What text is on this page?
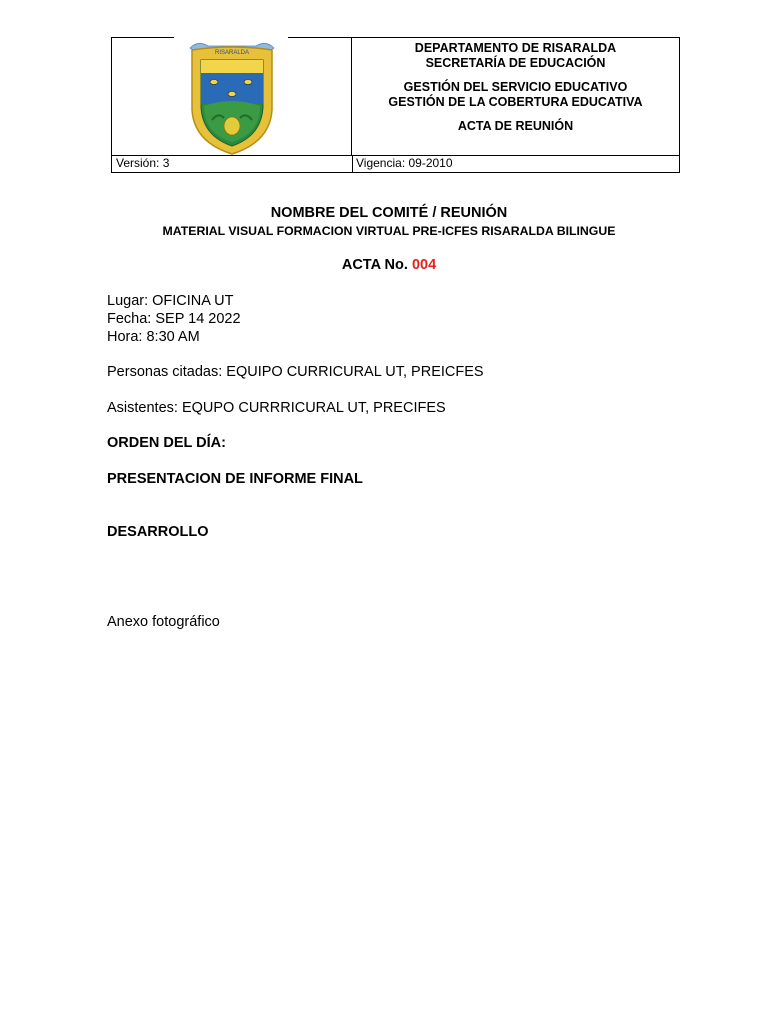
RISARALDA	DEPARTAMENTO DE RISARALDA
SECRETARÍA DE EDUCACIÓN
GESTIÓN DEL SERVICIO EDUCATIVO
GESTIÓN DE LA COBERTURA EDUCATIVA
ACTA DE REUNIÓN
Versión: 3	Vigencia: 09-2010
NOMBRE DEL COMITÉ / REUNIÓN
MATERIAL VISUAL FORMACION VIRTUAL PRE-ICFES RISARALDA BILINGUE
ACTA No. 004
Lugar: OFICINA UT
Fecha: SEP 14 2022
Hora: 8:30 AM
Personas citadas: EQUIPO CURRICURAL UT, PREICFES
Asistentes: EQUPO CURRRICURAL UT, PRECIFES
ORDEN DEL DÍA:
PRESENTACION DE INFORME FINAL
DESARROLLO
Anexo fotográfico
